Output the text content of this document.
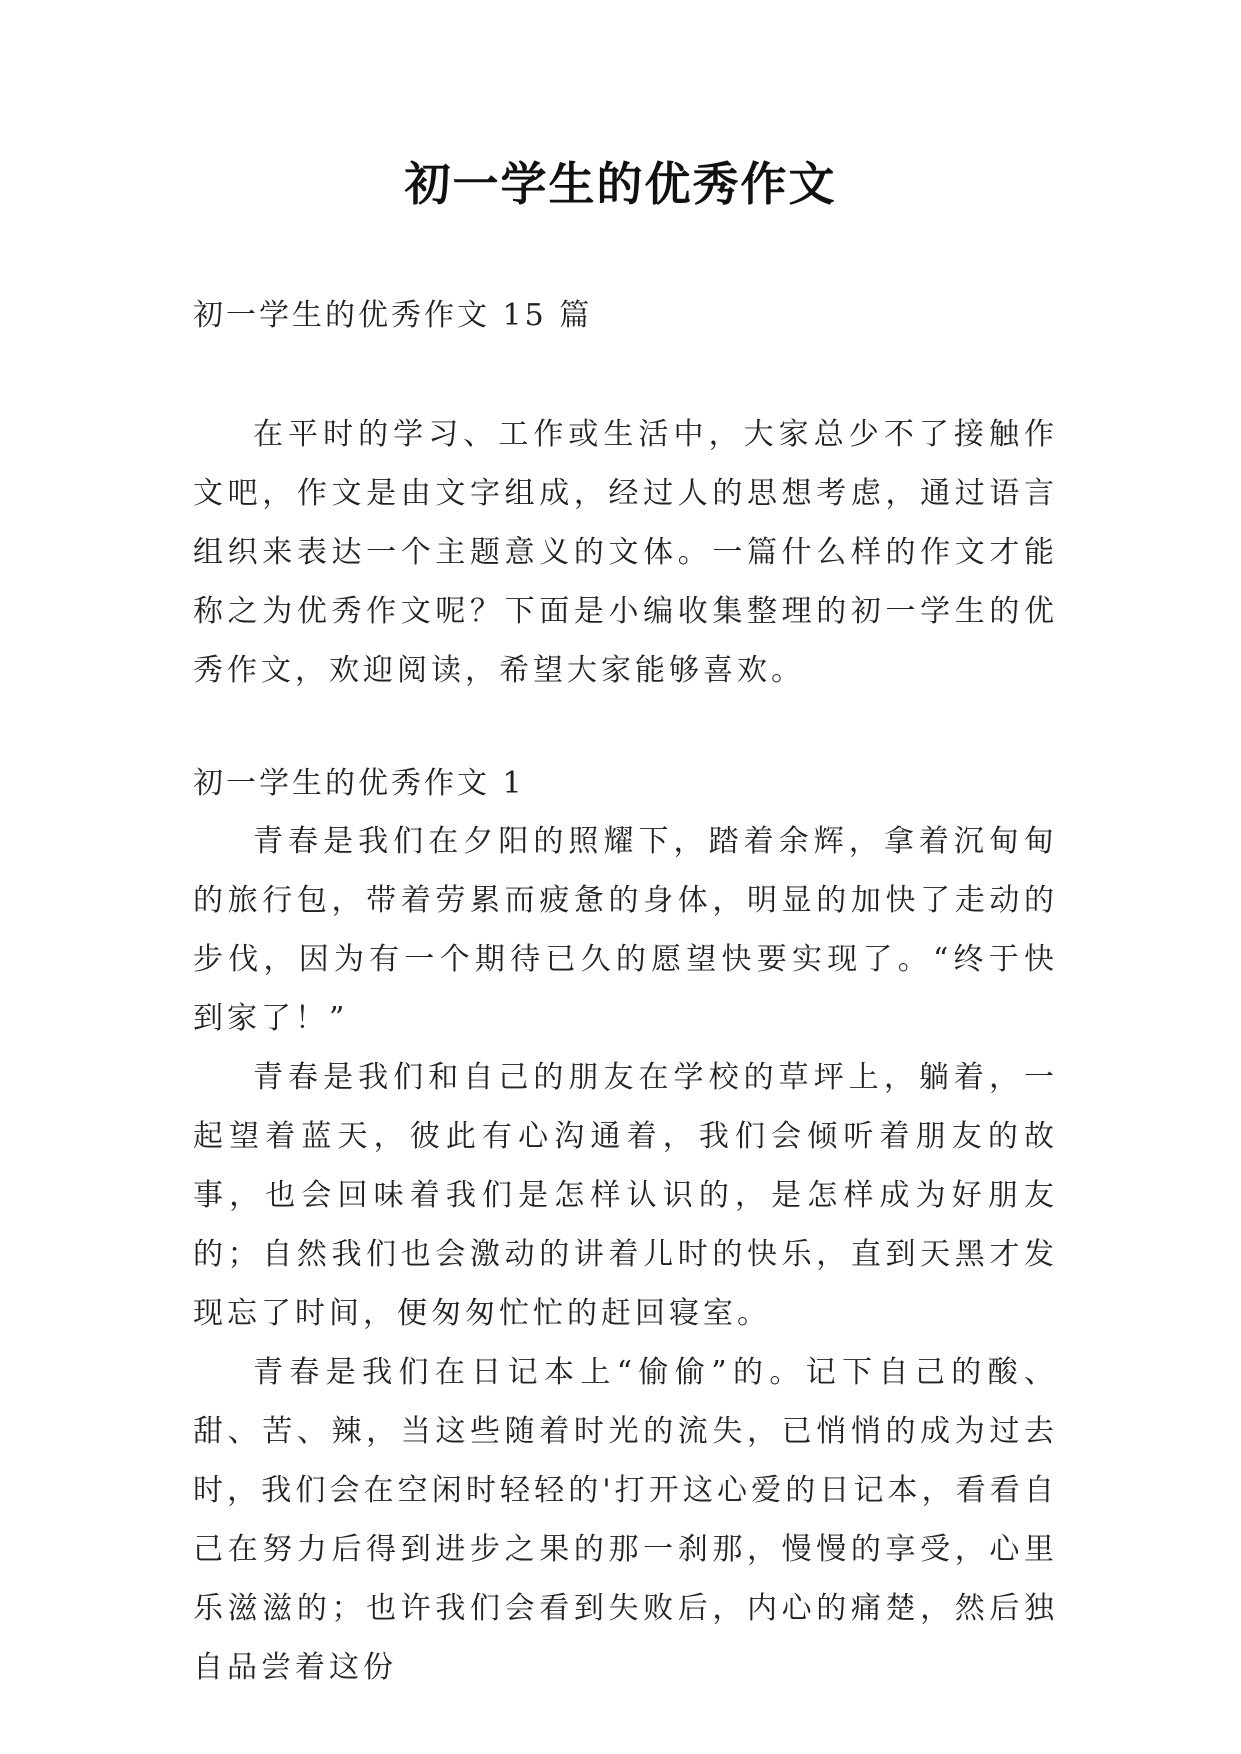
初一学生的优秀作文
初一学生的优秀作文 15 篇

在平时的学习、工作或生活中，大家总少不了接触作文吧，作文是由文字组成，经过人的思想考虑，通过语言组织来表达一个主题意义的文体。一篇什么样的作文才能称之为优秀作文呢？下面是小编收集整理的初一学生的优秀作文，欢迎阅读，希望大家能够喜欢。

初一学生的优秀作文 1

青春是我们在夕阳的照耀下，踏着余辉，拿着沉甸甸的旅行包，带着劳累而疲惫的身体，明显的加快了走动的步伐，因为有一个期待已久的愿望快要实现了。“终于快到家了！”

青春是我们和自己的朋友在学校的草坪上，躺着，一起望着蓝天，彼此有心沟通着，我们会倾听着朋友的故事，也会回味着我们是怎样认识的，是怎样成为好朋友的；自然我们也会激动的讲着儿时的快乐，直到天黑才发现忘了时间，便匆匆忙忙的赶回寝室。

青春是我们在日记本上“偷偷”的。记下自己的酸、甜、苦、辣，当这些随着时光的流失，已悄悄的成为过去时，我们会在空闲时轻轻的'打开这心爱的日记本，看看自己在努力后得到进步之果的那一刹那，慢慢的享受，心里乐滋滋的；也许我们会看到失败后，内心的痛楚，然后独自品尝着这份
